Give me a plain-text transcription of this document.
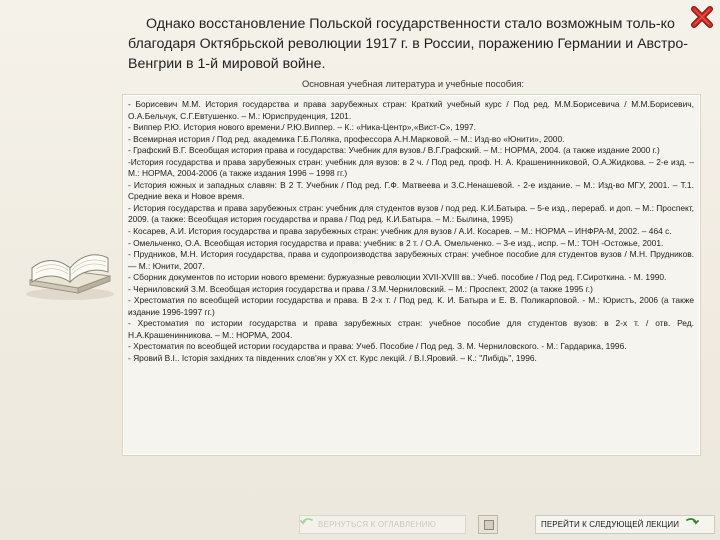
Однако восстановление Польской государственности стало возможным толь-ко благодаря Октябрьской революции 1917 г. в России, поражению Германии и Австро-Венгрии в 1-й мировой войне.
Основная учебная литература и учебные пособия:

- Борисевич М.М. История государства и права зарубежных стран: Краткий учебный курс / Под ред. М.М.Борисевича / М.М.Борисевич, О.А.Бельчук, С.Г.Евтушенко. – М.: Юриспруденция, 1201.

- Виппер Р.Ю. История нового времени./ Р.Ю.Виппер. – К.: «Ника-Центр»,«Вист-С», 1997.

- Всемирная история / Под ред. академика Г.Б.Поляка, профессора А.Н.Марковой. – М.: Изд-во «Юнити», 2000.

- Графский В.Г. Всеобщая история права и государства: Учебник для вузов./ В.Г.Графский. – М.: НОРМА, 2004. (а также издание 2000 г.)

-История государства и права зарубежных стран: учебник для вузов: в 2 ч. / Под ред. проф. Н. А. Крашенинниковой, О.А.Жидкова. – 2-е изд. – М.: НОРМА, 2004-2006 (а также издания 1996 – 1998 гг.)

- История южных и западных славян: В 2 Т. Учебник / Под ред. Г.Ф. Матвеева и З.С.Ненашевой. - 2-е издание. – М.: Изд-во МГУ, 2001. – Т.1. Средние века и Новое время.

- История государства и права зарубежных стран: учебник для студентов вузов / под ред. К.И.Батыра. – 5-е изд., перераб. и доп. – М.: Проспект, 2009. (а также: Всеобщая история государства и права / Под ред. К.И.Батыра. – М.: Былина, 1995)

- Косарев, А.И. История государства и права зарубежных стран: учебник для вузов / А.И. Косарев. – М.: НОРМА – ИНФРА-М, 2002. – 464 с.

- Омельченко, О.А. Всеобщая история государства и права: учебник: в 2 т. / О.А. Омельченко. – 3-е изд., испр. – М.: ТОН -Остожье, 2001.

- Прудников, М.Н. История государства, права и судопроизводства зарубежных стран: учебное пособие для студентов вузов / М.Н. Прудников. — М.: Юнити, 2007.

- Сборник документов по истории нового времени: буржуазные революции XVII-XVIII вв.: Учеб. пособие / Под ред. Г.Сироткина. - М. 1990.

- Черниловский З.М. Всеобщая история государства и права / З.М.Черниловский. – М.: Проспект, 2002 (а также 1995 г.)

- Хрестоматия по всеобщей истории государства и права. В 2-х т. / Под ред. К. И. Батыра и Е. В. Поликарповой. - М.: Юристъ, 2006 (а также издание 1996-1997 гг.)

- Хрестоматия по истории государства и права зарубежных стран: учебное пособие для студентов вузов: в 2-х т. / отв. Ред. Н.А.Крашенинникова. – М.: НОРМА, 2004.

- Хрестоматия по всеобщей истории государства и права: Учеб. Пособие / Под ред. З. М. Черниловского. - М.: Гардарика, 1996.

- Яровий В.І.. Історія західних та південних слов'ян у ХХ ст. Курс лекцій. / В.І.Яровий. – К.: "Либідь", 1996.

ВЕРНУТЬСЯ К ОГЛАВЛЕНИЮ	ПЕРЕЙТИ К СЛЕДУЮЩЕЙ ЛЕКЦИИ
